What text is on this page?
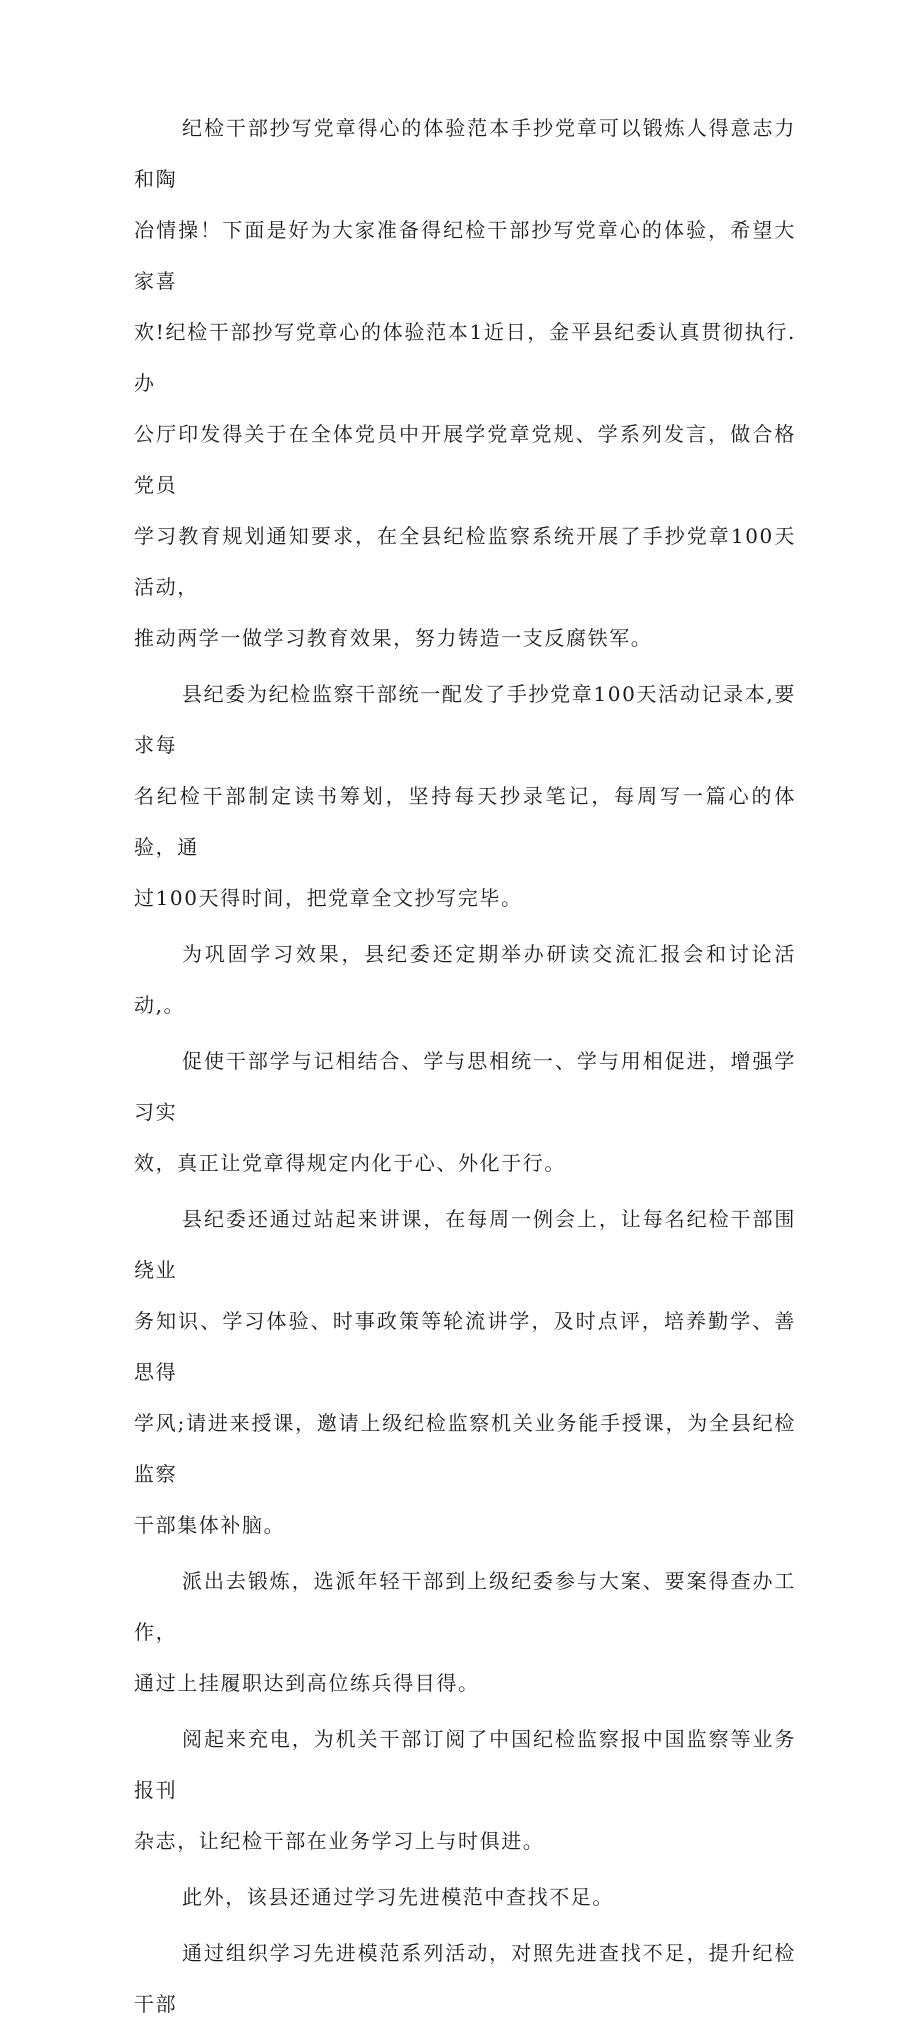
纪检干部抄写党章得心的体验范本手抄党章可以锻炼人得意志力和陶
冶情操！下面是好为大家准备得纪检干部抄写党章心的体验，希望大家喜
欢!纪检干部抄写党章心的体验范本1近日，金平县纪委认真贯彻执行.办
公厅印发得关于在全体党员中开展学党章党规、学系列发言，做合格党员
学习教育规划通知要求，在全县纪检监察系统开展了手抄党章100天活动，
推动两学一做学习教育效果，努力铸造一支反腐铁军。

县纪委为纪检监察干部统一配发了手抄党章100天活动记录本,要求每
名纪检干部制定读书筹划，坚持每天抄录笔记，每周写一篇心的体验，通
过100天得时间，把党章全文抄写完毕。

为巩固学习效果，县纪委还定期举办研读交流汇报会和讨论活动,。

促使干部学与记相结合、学与思相统一、学与用相促进，增强学习实
效，真正让党章得规定内化于心、外化于行。

县纪委还通过站起来讲课，在每周一例会上，让每名纪检干部围绕业
务知识、学习体验、时事政策等轮流讲学，及时点评，培养勤学、善思得
学风;请进来授课，邀请上级纪检监察机关业务能手授课，为全县纪检监察
干部集体补脑。

派出去锻炼，选派年轻干部到上级纪委参与大案、要案得查办工作，
通过上挂履职达到高位练兵得目得。

阅起来充电，为机关干部订阅了中国纪检监察报中国监察等业务报刊
杂志，让纪检干部在业务学习上与时俱进。

此外，该县还通过学习先进模范中查找不足。

通过组织学习先进模范系列活动，对照先进查找不足，提升纪检干部
